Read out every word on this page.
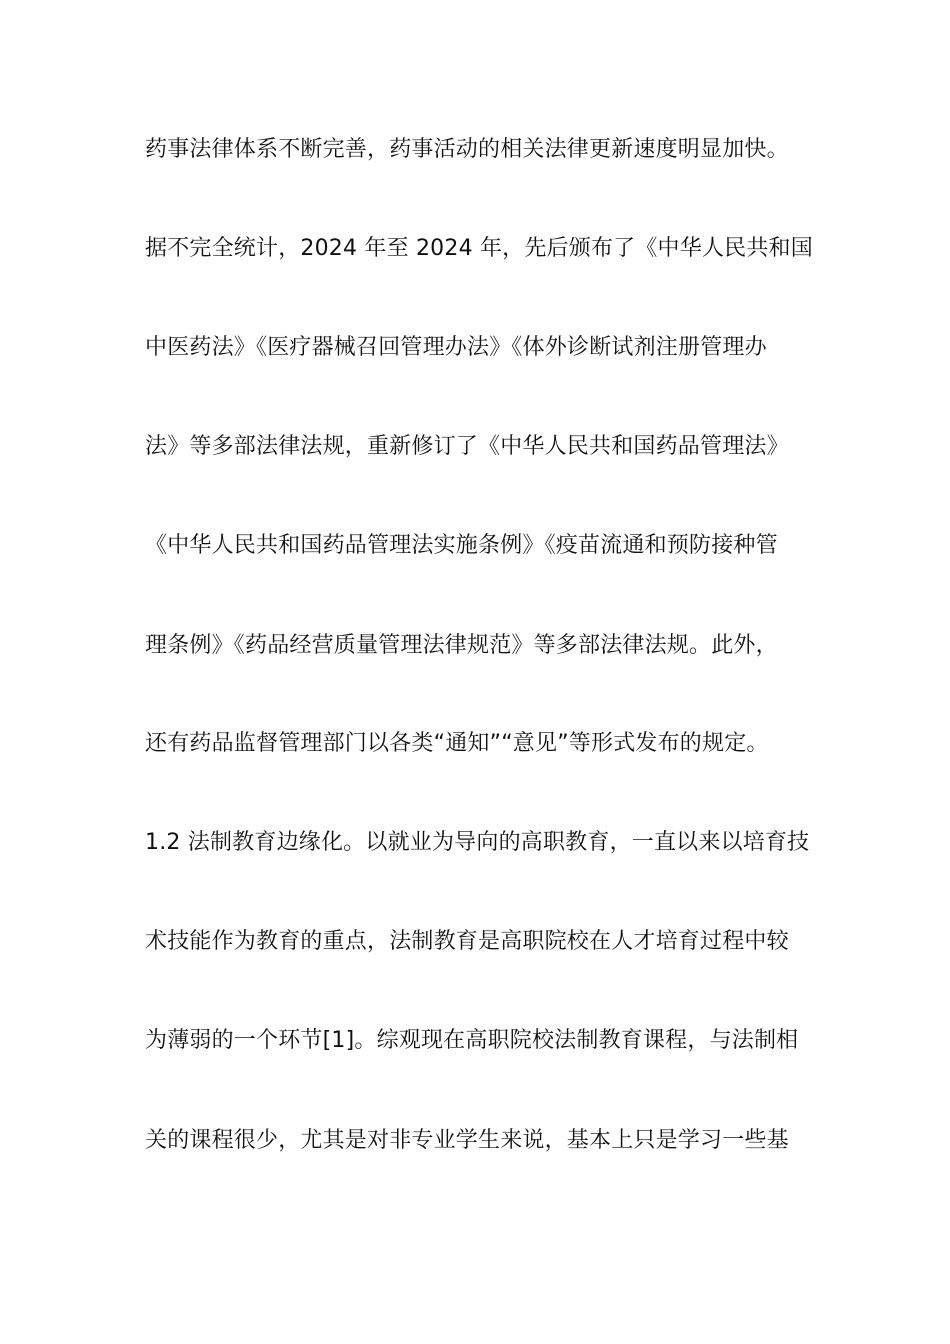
药事法律体系不断完善，药事活动的相关法律更新速度明显加快。
据不完全统计，2024 年至 2024 年，先后颁布了《中华人民共和国
中医药法》《医疗器械召回管理办法》《体外诊断试剂注册管理办
法》等多部法律法规，重新修订了《中华人民共和国药品管理法》
《中华人民共和国药品管理法实施条例》《疫苗流通和预防接种管
理条例》《药品经营质量管理法律规范》等多部法律法规。此外，
还有药品监督管理部门以各类“通知”“意见”等形式发布的规定。
1.2 法制教育边缘化。以就业为导向的高职教育，一直以来以培育技
术技能作为教育的重点，法制教育是高职院校在人才培育过程中较
为薄弱的一个环节[1]。综观现在高职院校法制教育课程，与法制相
关的课程很少，尤其是对非专业学生来说，基本上只是学习一些基
